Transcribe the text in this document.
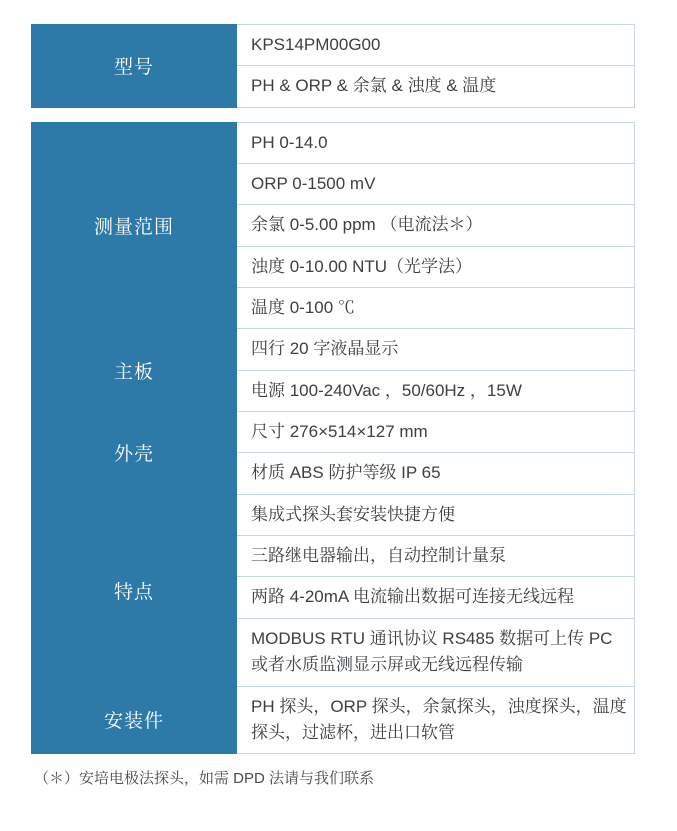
型号	KPS14PM00G00
PH & ORP & 余氯 & 浊度 & 温度

测量范围	PH 0-14.0
	ORP 0-1500 mV
	余氯 0-5.00 ppm （电流法＊）
	浊度 0-10.00 NTU（光学法）
	温度 0-100 ℃
主板	四行 20 字液晶显示
	电源 100-240Vac ，50/60Hz ，15W
外壳	尺寸 276×514×127 mm
	材质 ABS 防护等级 IP 65
特点	集成式探头套安装快捷方便
	三路继电器输出，自动控制计量泵
	两路 4-20mA 电流输出数据可连接无线远程
	MODBUS RTU 通讯协议 RS485 数据可上传 PC 或者水质监测显示屏或无线远程传输
安装件	PH 探头，ORP 探头，余氯探头，浊度探头，温度探头，过滤杯，进出口软管
（＊）安培电极法探头，如需 DPD 法请与我们联系
